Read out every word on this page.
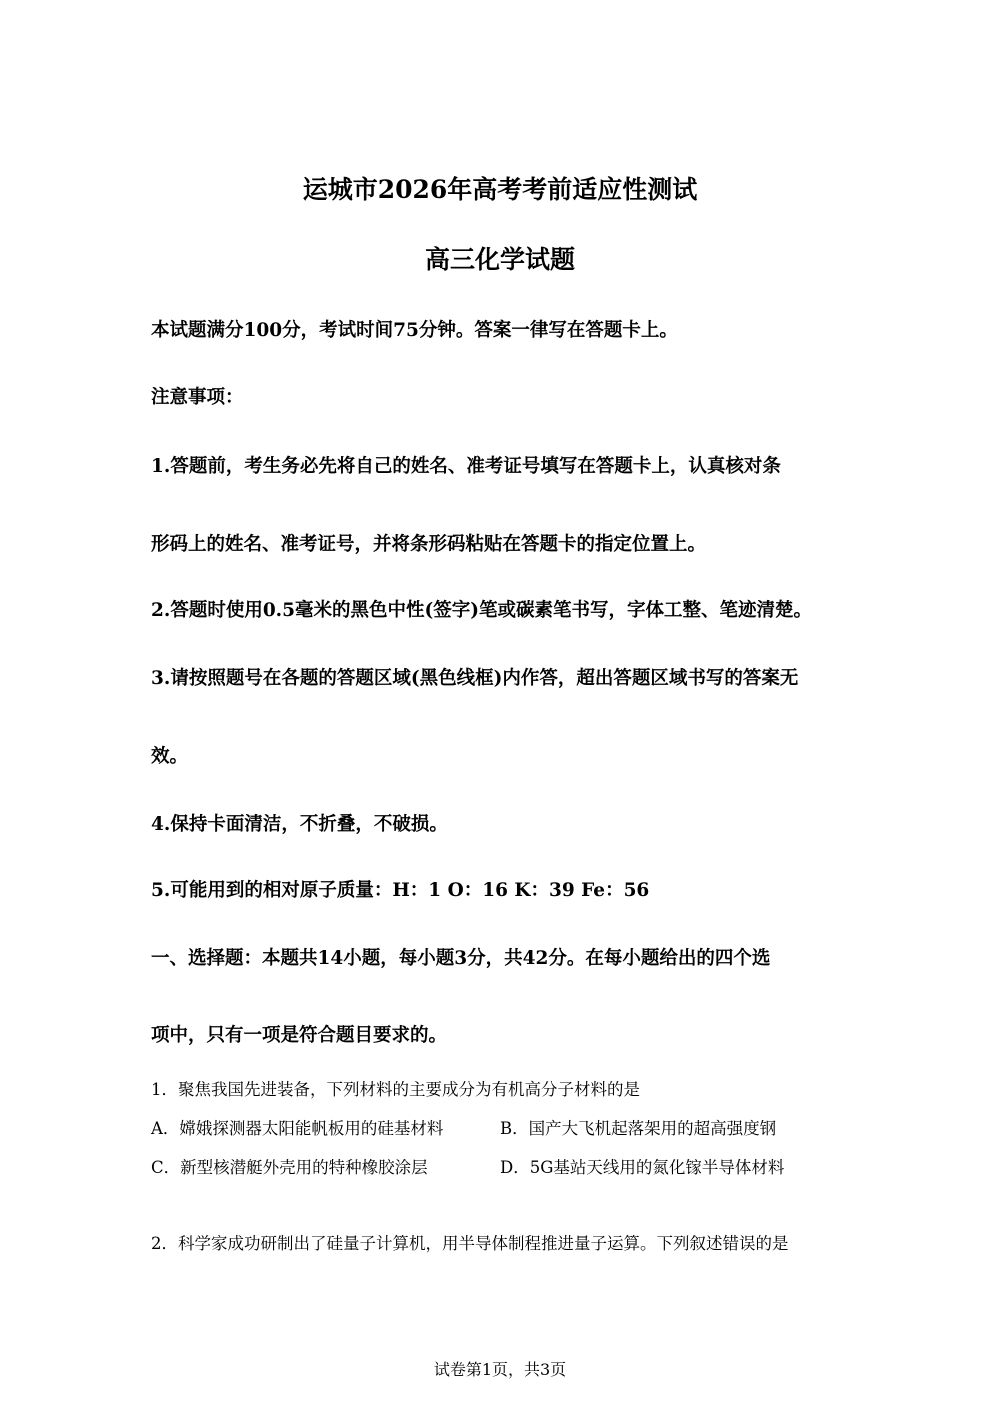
运城市2026年高考考前适应性测试
高三化学试题
本试题满分100分，考试时间75分钟。答案一律写在答题卡上。
注意事项：
1.答题前，考生务必先将自己的姓名、准考证号填写在答题卡上，认真核对条
形码上的姓名、准考证号，并将条形码粘贴在答题卡的指定位置上。
2.答题时使用0.5毫米的黑色中性(签字)笔或碳素笔书写，字体工整、笔迹清楚。
3.请按照题号在各题的答题区域(黑色线框)内作答，超出答题区域书写的答案无
效。
4.保持卡面清洁，不折叠，不破损。
5.可能用到的相对原子质量：H：1 O：16 K：39 Fe：56
一、选择题：本题共14小题，每小题3分，共42分。在每小题给出的四个选
项中，只有一项是符合题目要求的。
1．聚焦我国先进装备，下列材料的主要成分为有机高分子材料的是
A．嫦娥探测器太阳能帆板用的硅基材料	B．国产大飞机起落架用的超高强度钢
C．新型核潜艇外壳用的特种橡胶涂层	D．5G基站天线用的氮化镓半导体材料
2．科学家成功研制出了硅量子计算机，用半导体制程推进量子运算。下列叙述错误的是
试卷第1页，共3页
